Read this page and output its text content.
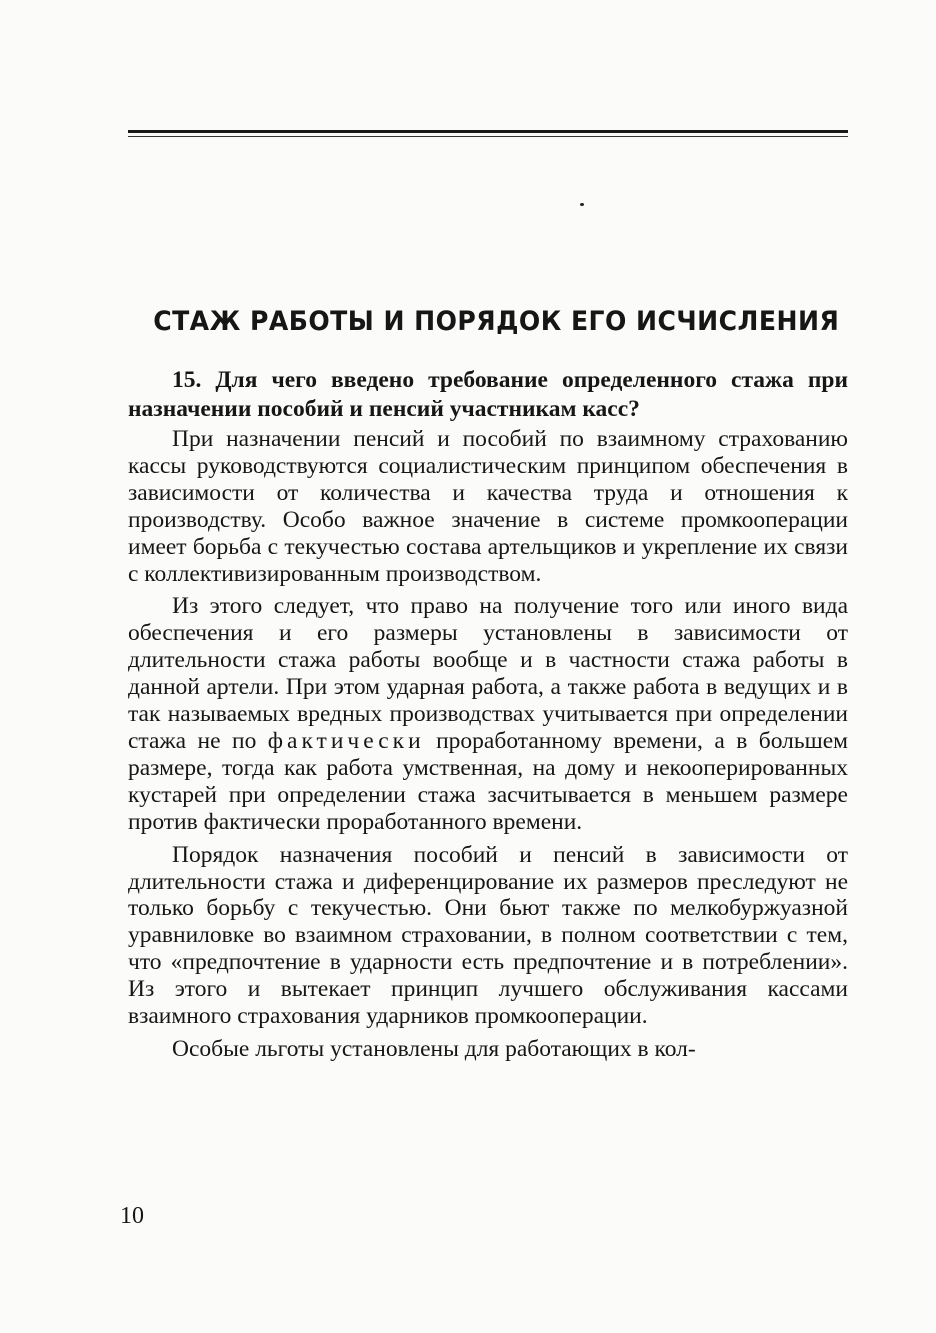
СТАЖ РАБОТЫ И ПОРЯДОК ЕГО ИСЧИСЛЕНИЯ

15. Для чего введено требование определенного стажа при назначении пособий и пенсий участникам касс?

При назначении пенсий и пособий по взаимному страхованию кассы руководствуются социалистическим принципом обеспечения в зависимости от количества и качества труда и отношения к производству. Особо важное значение в системе промкооперации имеет борьба с текучестью состава артельщиков и укрепление их связи с коллективизированным производством.

Из этого следует, что право на получение того или иного вида обеспечения и его размеры установлены в зависимости от длительности стажа работы вообще и в частности стажа работы в данной артели. При этом ударная работа, а также работа в ведущих и в так называемых вредных производствах учитывается при определении стажа не по фактически проработанному времени, а в большем размере, тогда как работа умственная, на дому и некооперированных кустарей при определении стажа засчитывается в меньшем размере против фактически проработанного времени.

Порядок назначения пособий и пенсий в зависимости от длительности стажа и диференцирование их размеров преследуют не только борьбу с текучестью. Они бьют также по мелкобуржуазной уравниловке во взаимном страховании, в полном соответствии с тем, что «предпочтение в ударности есть предпочтение и в потреблении». Из этого и вытекает принцип лучшего обслуживания кассами взаимного страхования ударников промкооперации.

Особые льготы установлены для работающих в кол-

10
